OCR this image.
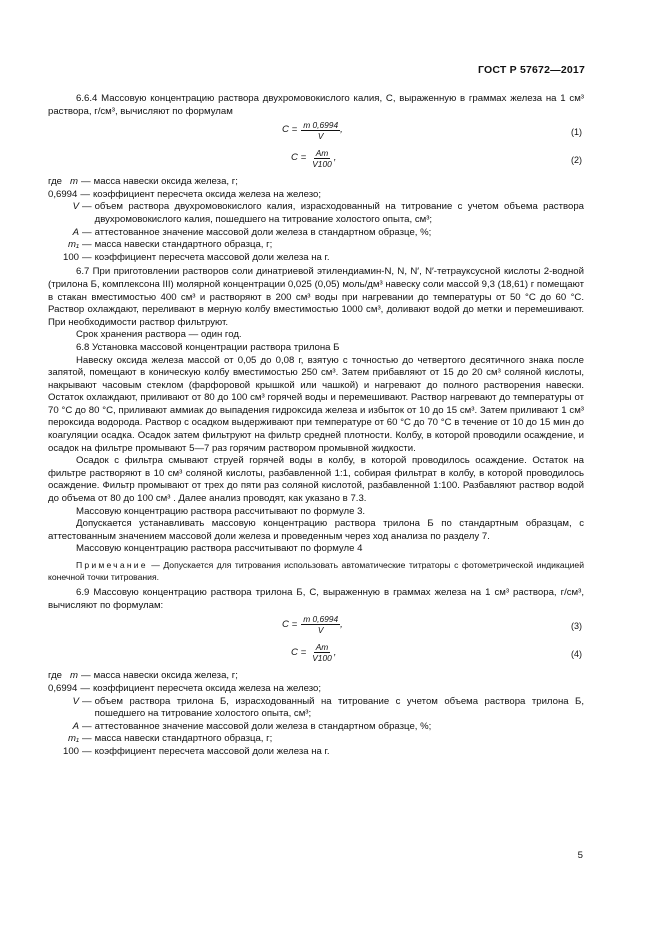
ГОСТ Р 57672—2017

6.6.4 Массовую концентрацию раствора двухромовокислого калия, C, выраженную в граммах железа на 1 см³ раствора, г/см³, вычисляют по формулам

$C = \frac{m 0,6994}{V}$ ,	(1)
$C = \frac{Am}{V100}$ ,	(2)
где m — масса навески оксида железа, г;
0,6994 — коэффициент пересчета оксида железа на железо;
V — объем раствора двухромовокислого калия, израсходованный на титрование с учетом объема раствора двухромовокислого калия, пошедшего на титрование холостого опыта, см³;
A — аттестованное значение массовой доли железа в стандартном образце, %;
m₁ — масса навески стандартного образца, г;
100 — коэффициент пересчета массовой доли железа на г.

6.7 При приготовлении растворов соли динатриевой этилендиамин-N, N, N′, N′-тетрауксусной кислоты 2-водной (трилона Б, комплексона III) молярной концентрации 0,025 (0,05) моль/дм³ навеску соли массой 9,3 (18,61) г помещают в стакан вместимостью 400 см³ и растворяют в 200 см³ воды при нагревании до температуры от 50 °С до 60 °С. Раствор охлаждают, переливают в мерную колбу вместимостью 1000 см³, доливают водой до метки и перемешивают. При необходимости раствор фильтруют.

Срок хранения раствора — один год.

6.8 Установка массовой концентрации раствора трилона Б

Навеску оксида железа массой от 0,05 до 0,08 г, взятую с точностью до четвертого десятичного знака после запятой, помещают в коническую колбу вместимостью 250 см³. Затем прибавляют от 15 до 20 см³ соляной кислоты, накрывают часовым стеклом (фарфоровой крышкой или чашкой) и нагревают до полного растворения навески. Остаток охлаждают, приливают от 80 до 100 см³ горячей воды и перемешивают. Раствор нагревают до температуры от 70 °С до 80 °С, приливают аммиак до выпадения гидроксида железа и избыток от 10 до 15 см³. Затем приливают 1 см³ пероксида водорода. Раствор с осадком выдерживают при температуре от 60 °С до 70 °С в течение от 10 до 15 мин до коагуляции осадка. Осадок затем фильтруют на фильтр средней плотности. Колбу, в которой проводили осаждение, и осадок на фильтре промывают 5—7 раз горячим раствором промывной жидкости.

Осадок с фильтра смывают струей горячей воды в колбу, в которой проводилось осаждение. Остаток на фильтре растворяют в 10 см³ соляной кислоты, разбавленной 1:1, собирая фильтрат в колбу, в которой проводилось осаждение. Фильтр промывают от трех до пяти раз соляной кислотой, разбавленной 1:100. Разбавляют раствор водой до объема от 80 до 100 см³ . Далее анализ проводят, как указано в 7.3.

Массовую концентрацию раствора рассчитывают по формуле 3.

Допускается устанавливать массовую концентрацию раствора трилона Б по стандартным образцам, с аттестованным значением массовой доли железа и проведенным через ход анализа по разделу 7.

Массовую концентрацию раствора рассчитывают по формуле 4

Примечание — Допускается для титрования использовать автоматические титраторы с фотометрической индикацией конечной точки титрования.

6.9 Массовую концентрацию раствора трилона Б, C, выраженную в граммах железа на 1 см³ раствора, г/см³, вычисляют по формулам:

$C = \frac{m 0,6994}{V}$ ,	(3)
$C = \frac{Am}{V100}$ ,	(4)
где m — масса навески оксида железа, г;
0,6994 — коэффициент пересчета оксида железа на железо;
V — объем раствора трилона Б, израсходованный на титрование с учетом объема раствора трилона Б, пошедшего на титрование холостого опыта, см³;
A — аттестованное значение массовой доли железа в стандартном образце, %;
m₁ — масса навески стандартного образца, г;
100 — коэффициент пересчета массовой доли железа на г.
5
